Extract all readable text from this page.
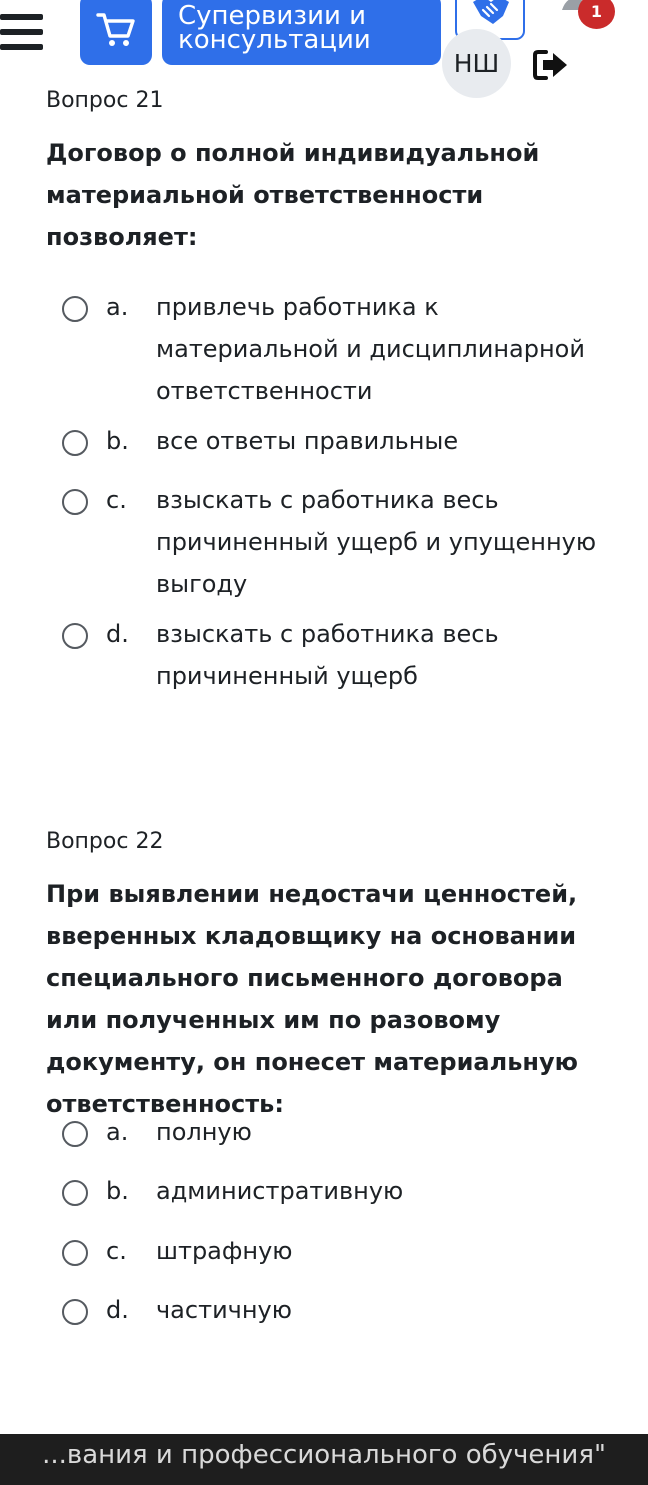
Супервизии и консультации
1
НШ

Вопрос 21

Договор о полной индивидуальной материальной ответственности позволяет:

a. привлечь работника к материальной и дисциплинарной ответственности
b. все ответы правильные
c. взыскать с работника весь причиненный ущерб и упущенную выгоду
d. взыскать с работника весь причиненный ущерб

Вопрос 22

При выявлении недостачи ценностей, вверенных кладовщику на основании специального письменного договора или полученных им по разовому документу, он понесет материальную ответственность:

a. полную
b. административную
c. штрафную
d. частичную
...вания и профессионального обучения"
